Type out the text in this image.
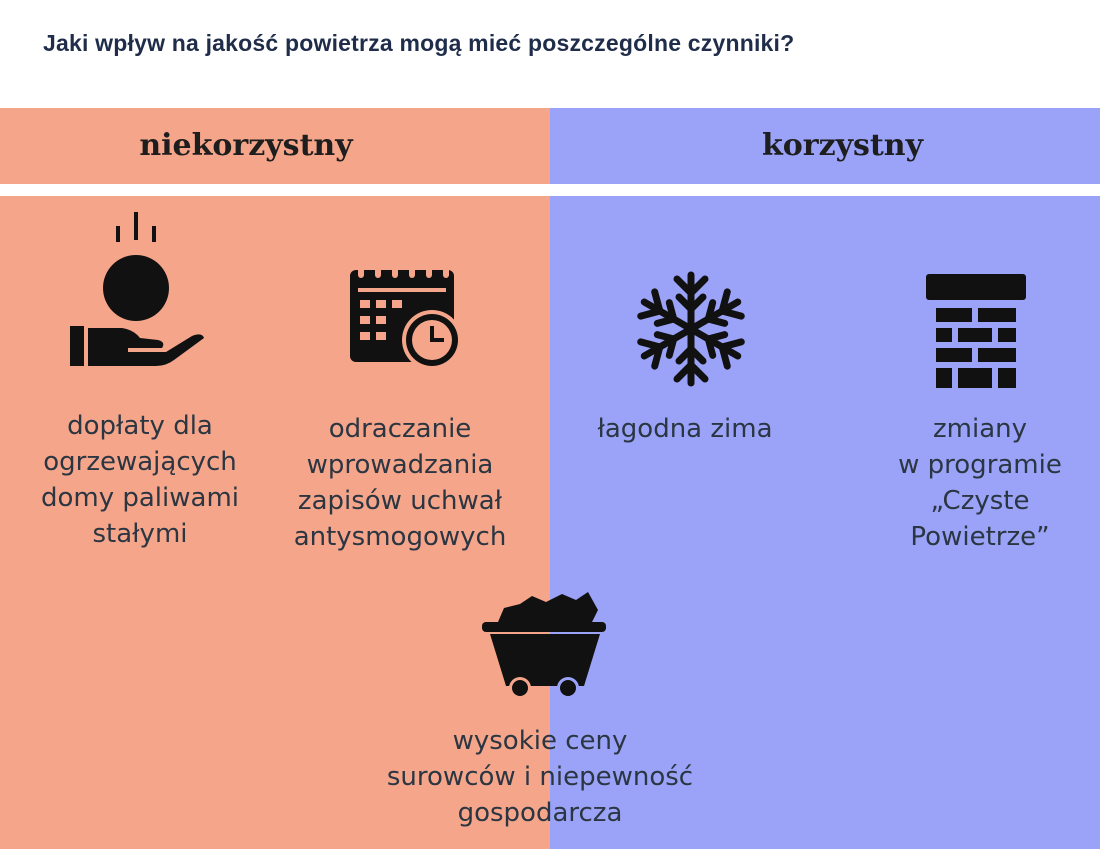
Jaki wpływ na jakość powietrza mogą mieć poszczególne czynniki?
niekorzystny	korzystny
dopłaty dla
ogrzewających
domy paliwami
stałymi
odraczanie
wprowadzania
zapisów uchwał
antysmogowych
łagodna zima	zmiany
w programie
„Czyste
Powietrze”
wysokie ceny
surowców i niepewność
gospodarcza
